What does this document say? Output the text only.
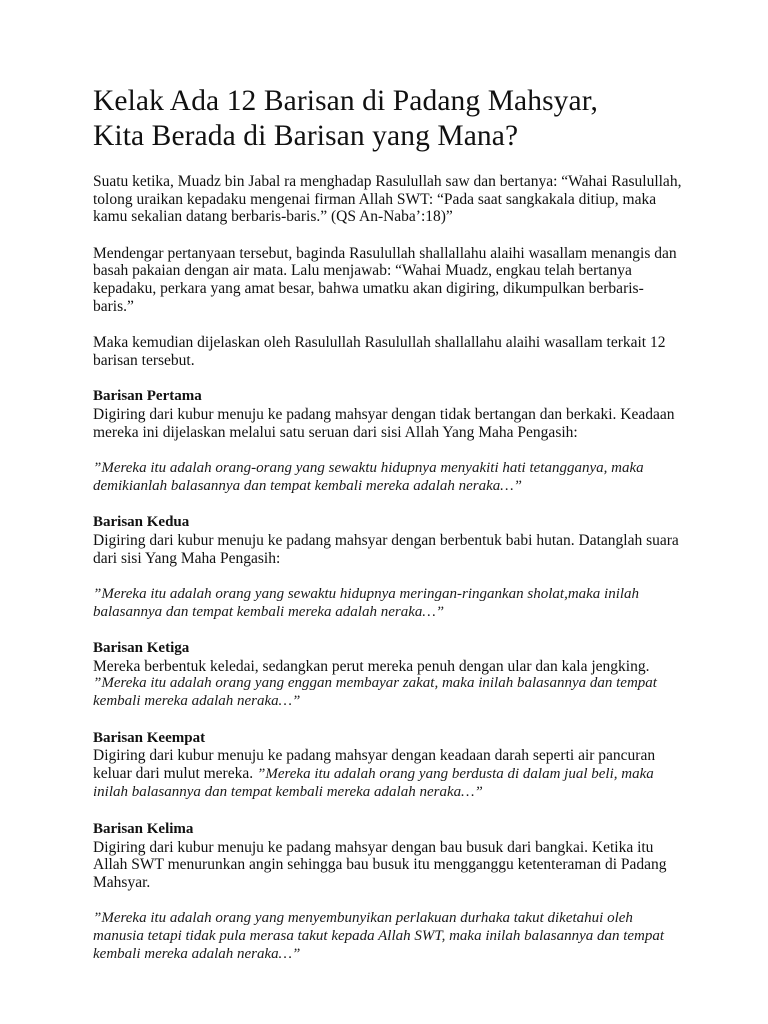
Kelak Ada 12 Barisan di Padang Mahsyar,
Kita Berada di Barisan yang Mana?

Suatu ketika, Muadz bin Jabal ra menghadap Rasulullah saw dan bertanya: “Wahai Rasulullah, tolong uraikan kepadaku mengenai firman Allah SWT: “Pada saat sangkakala ditiup, maka kamu sekalian datang berbaris-baris.” (QS An-Naba’:18)”

Mendengar pertanyaan tersebut, baginda Rasulullah shallallahu alaihi wasallam menangis dan basah pakaian dengan air mata. Lalu menjawab: “Wahai Muadz, engkau telah bertanya kepadaku, perkara yang amat besar, bahwa umatku akan digiring, dikumpulkan berbaris-baris.”

Maka kemudian dijelaskan oleh Rasulullah Rasulullah shallallahu alaihi wasallam terkait 12 barisan tersebut.

Barisan Pertama
Digiring dari kubur menuju ke padang mahsyar dengan tidak bertangan dan berkaki. Keadaan mereka ini dijelaskan melalui satu seruan dari sisi Allah Yang Maha Pengasih:

”Mereka itu adalah orang-orang yang sewaktu hidupnya menyakiti hati tetangganya, maka demikianlah balasannya dan tempat kembali mereka adalah neraka…”

Barisan Kedua
Digiring dari kubur menuju ke padang mahsyar dengan berbentuk babi hutan. Datanglah suara dari sisi Yang Maha Pengasih:

”Mereka itu adalah orang yang sewaktu hidupnya meringan-ringankan sholat,maka inilah balasannya dan tempat kembali mereka adalah neraka…”

Barisan Ketiga
Mereka berbentuk keledai, sedangkan perut mereka penuh dengan ular dan kala jengking.
”Mereka itu adalah orang yang enggan membayar zakat, maka inilah balasannya dan tempat kembali mereka adalah neraka…”

Barisan Keempat
Digiring dari kubur menuju ke padang mahsyar dengan keadaan darah seperti air pancuran keluar dari mulut mereka. ”Mereka itu adalah orang yang berdusta di dalam jual beli, maka inilah balasannya dan tempat kembali mereka adalah neraka…”

Barisan Kelima
Digiring dari kubur menuju ke padang mahsyar dengan bau busuk dari bangkai. Ketika itu Allah SWT menurunkan angin sehingga bau busuk itu mengganggu ketenteraman di Padang Mahsyar.

”Mereka itu adalah orang yang menyembunyikan perlakuan durhaka takut diketahui oleh manusia tetapi tidak pula merasa takut kepada Allah SWT, maka inilah balasannya dan tempat kembali mereka adalah neraka…”
